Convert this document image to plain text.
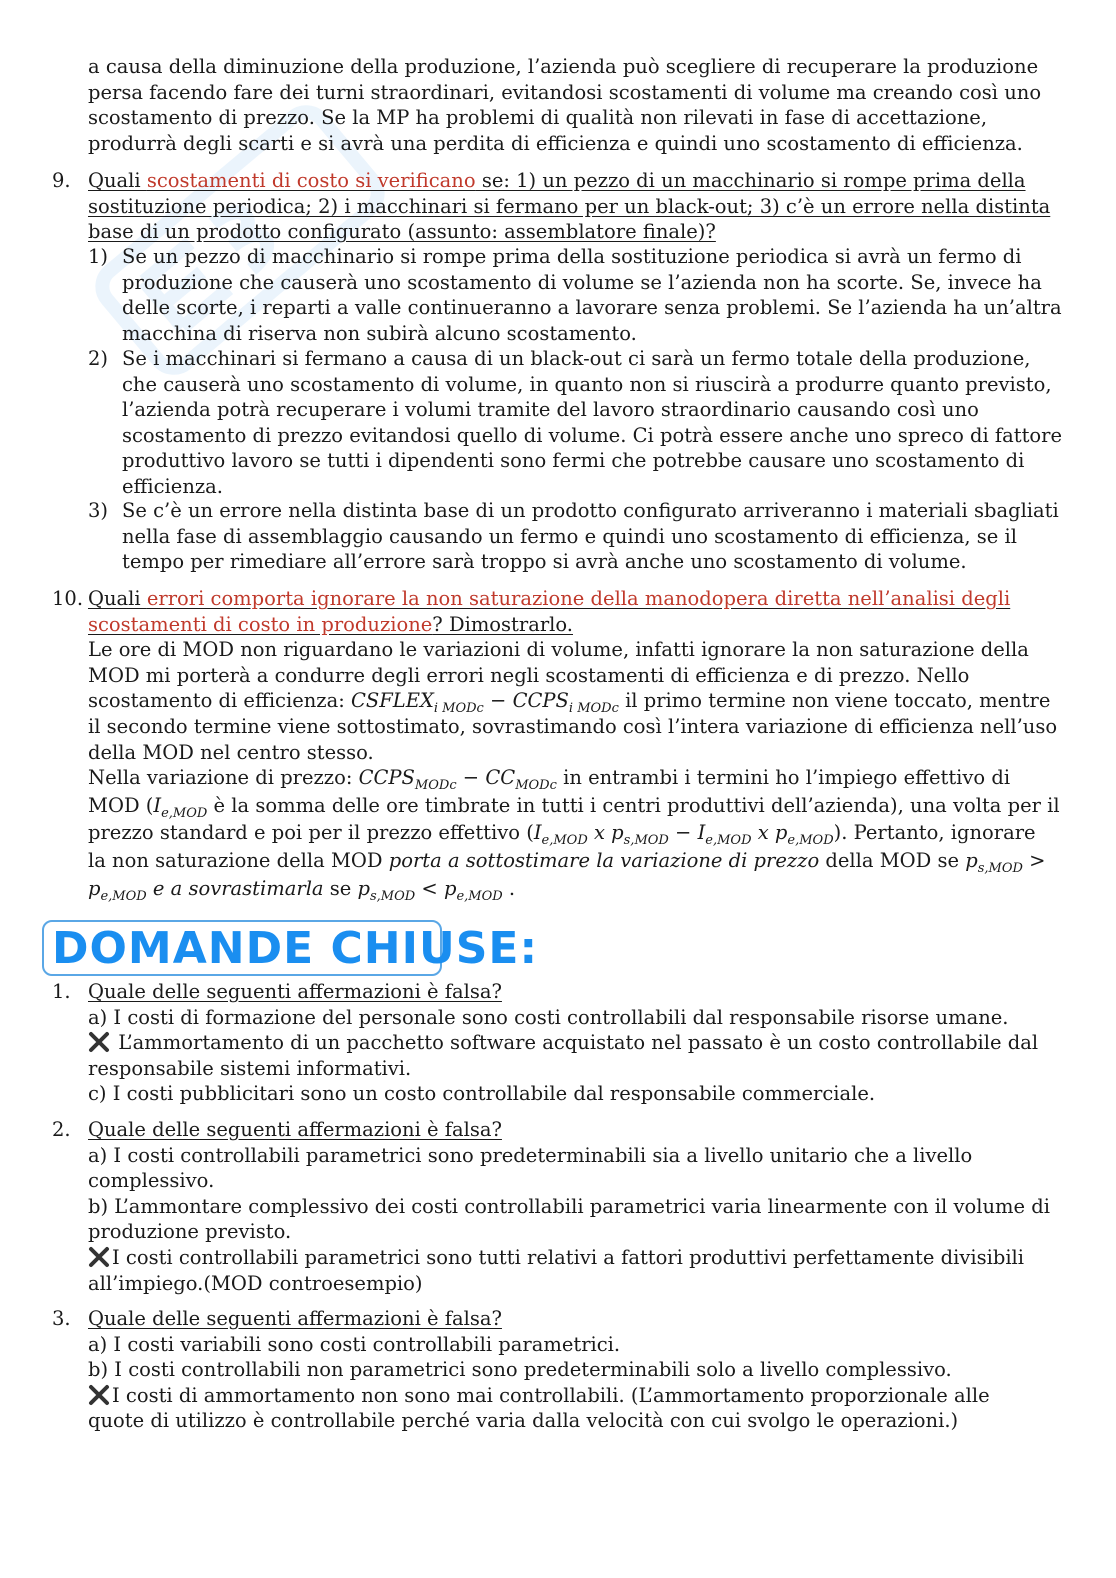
a causa della diminuzione della produzione, l’azienda può scegliere di recuperare la produzione
persa facendo fare dei turni straordinari, evitandosi scostamenti di volume ma creando così uno
scostamento di prezzo. Se la MP ha problemi di qualità non rilevati in fase di accettazione,
produrrà degli scarti e si avrà una perdita di efficienza e quindi uno scostamento di efficienza.
9. Quali scostamenti di costo si verificano se: 1) un pezzo di un macchinario si rompe prima della
sostituzione periodica; 2) i macchinari si fermano per un black-out; 3) c’è un errore nella distinta
base di un prodotto configurato (assunto: assemblatore finale)?
1) Se un pezzo di macchinario si rompe prima della sostituzione periodica si avrà un fermo di
produzione che causerà uno scostamento di volume se l’azienda non ha scorte. Se, invece ha
delle scorte, i reparti a valle continueranno a lavorare senza problemi. Se l’azienda ha un’altra
macchina di riserva non subirà alcuno scostamento.
2) Se i macchinari si fermano a causa di un black-out ci sarà un fermo totale della produzione,
che causerà uno scostamento di volume, in quanto non si riuscirà a produrre quanto previsto,
l’azienda potrà recuperare i volumi tramite del lavoro straordinario causando così uno
scostamento di prezzo evitandosi quello di volume. Ci potrà essere anche uno spreco di fattore
produttivo lavoro se tutti i dipendenti sono fermi che potrebbe causare uno scostamento di
efficienza.
3) Se c’è un errore nella distinta base di un prodotto configurato arriveranno i materiali sbagliati
nella fase di assemblaggio causando un fermo e quindi uno scostamento di efficienza, se il
tempo per rimediare all’errore sarà troppo si avrà anche uno scostamento di volume.
10. Quali errori comporta ignorare la non saturazione della manodopera diretta nell’analisi degli
scostamenti di costo in produzione? Dimostrarlo.
Le ore di MOD non riguardano le variazioni di volume, infatti ignorare la non saturazione della
MOD mi porterà a condurre degli errori negli scostamenti di efficienza e di prezzo. Nello
scostamento di efficienza: $CSFLEX_{i MODc}$ − $CCPS_{i MODc}$ il primo termine non viene toccato, mentre
il secondo termine viene sottostimato, sovrastimando così l’intera variazione di efficienza nell’uso
della MOD nel centro stesso.
Nella variazione di prezzo: $CCPS_{MODc} - CC_{MODc}$ in entrambi i termini ho l’impiego effettivo di
MOD ($I_{e,MOD}$ è la somma delle ore timbrate in tutti i centri produttivi dell’azienda), una volta per il
prezzo standard e poi per il prezzo effettivo ($I_{e,MOD}$ x $p_{s,MOD} - I_{e,MOD}$ x $p_{e,MOD}$). Pertanto, ignorare
la non saturazione della MOD porta a sottostimare la variazione di prezzo della MOD se $p_{s,MOD}$ >
$p_{e,MOD}$ e a sovrastimarla se $p_{s,MOD} < p_{e,MOD}$ .
DOMANDE CHIUSE:
1. Quale delle seguenti affermazioni è falsa?
a) I costi di formazione del personale sono costi controllabili dal responsabile risorse umane.
L’ammortamento di un pacchetto software acquistato nel passato è un costo controllabile dal
responsabile sistemi informativi.
c) I costi pubblicitari sono un costo controllabile dal responsabile commerciale.
2. Quale delle seguenti affermazioni è falsa?
a) I costi controllabili parametrici sono predeterminabili sia a livello unitario che a livello
complessivo.
b) L’ammontare complessivo dei costi controllabili parametrici varia linearmente con il volume di
produzione previsto.
I costi controllabili parametrici sono tutti relativi a fattori produttivi perfettamente divisibili
all’impiego.(MOD controesempio)
3. Quale delle seguenti affermazioni è falsa?
a) I costi variabili sono costi controllabili parametrici.
b) I costi controllabili non parametrici sono predeterminabili solo a livello complessivo.
I costi di ammortamento non sono mai controllabili. (L’ammortamento proporzionale alle
quote di utilizzo è controllabile perché varia dalla velocità con cui svolgo le operazioni.)
